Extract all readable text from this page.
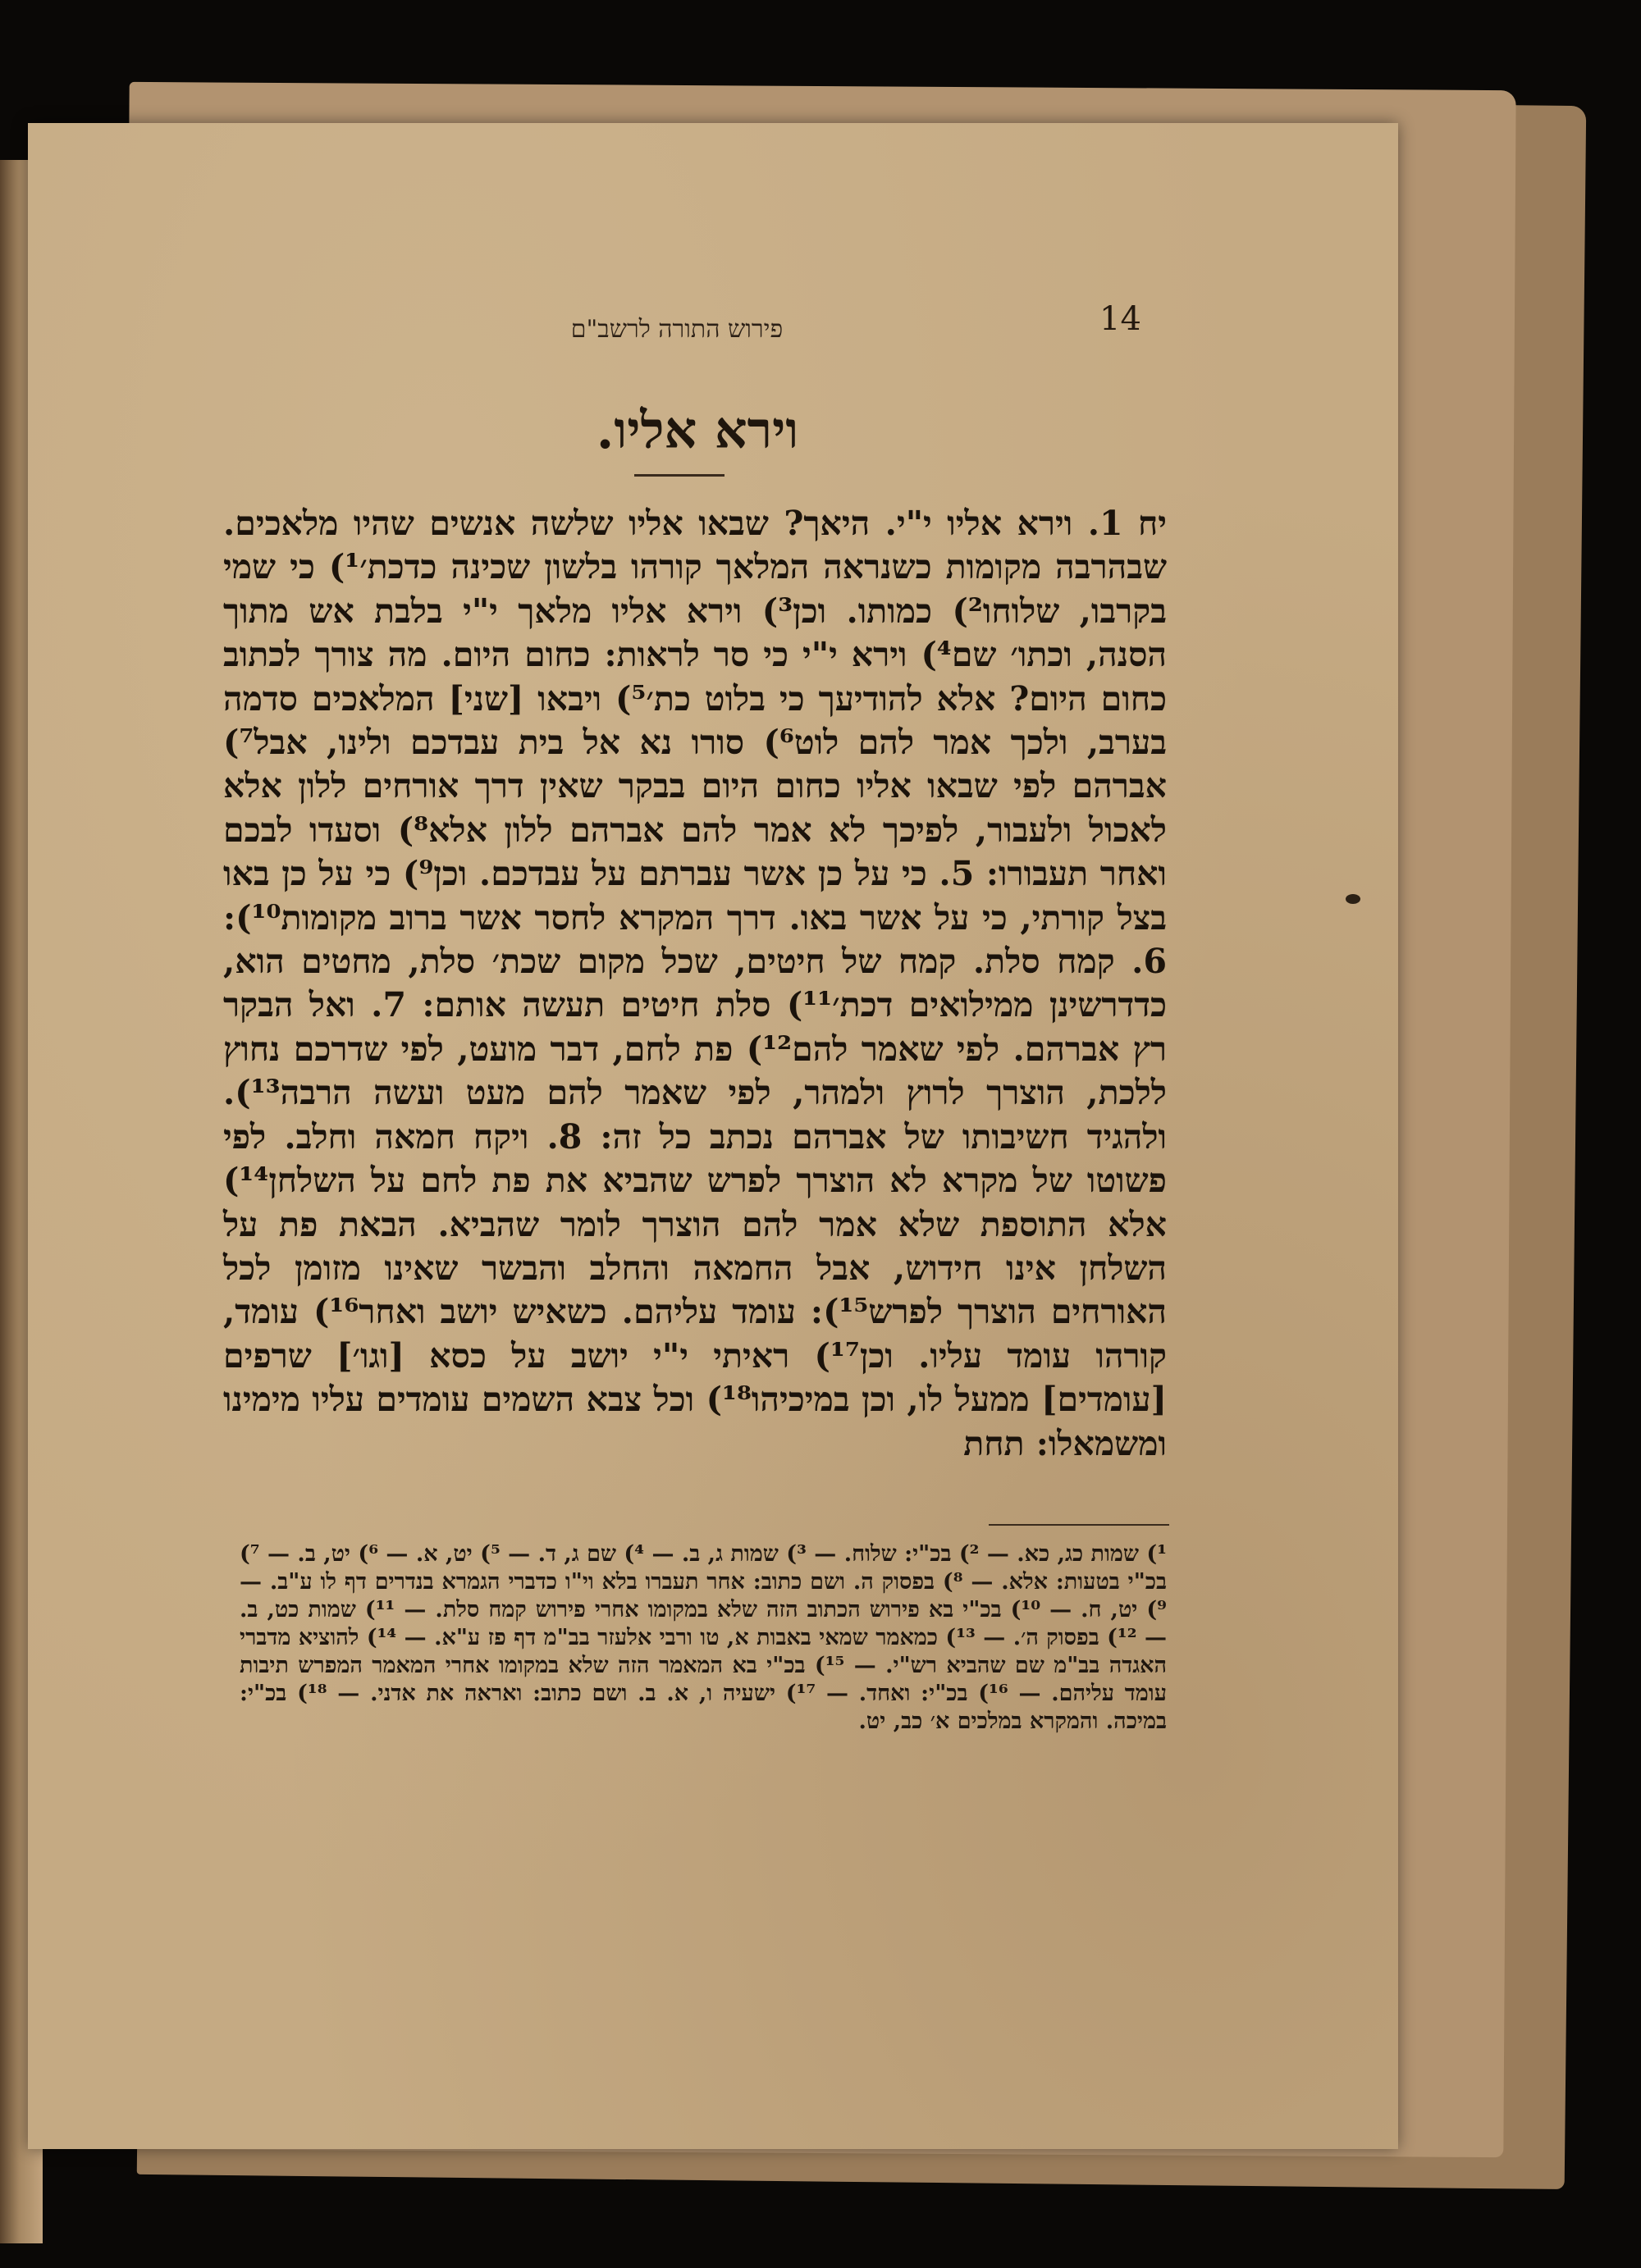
14
פירוש התורה לרשב"ם
וירא אליו.

יח 1. וירא אליו י"י. היאך? שבאו אליו שלשה אנשים שהיו מלאכים. שבהרבה מקומות כשנראה המלאך קורהו בלשון שכינה כדכת׳¹) כי שמי בקרבו, שלוחו²) כמותו. וכן³) וירא אליו מלאך י"י בלבת אש מתוך הסנה, וכתו׳ שם⁴) וירא י"י כי סר לראות: כחום היום. מה צורך לכתוב כחום היום? אלא להודיעך כי בלוט כת׳⁵) ויבאו [שני] המלאכים סדמה בערב, ולכך אמר להם לוט⁶) סורו נא אל בית עבדכם ולינו, אבל⁷) אברהם לפי שבאו אליו כחום היום בבקר שאין דרך אורחים ללון אלא לאכול ולעבור, לפיכך לא אמר להם אברהם ללון אלא⁸) וסעדו לבכם ואחר תעבורו: 5. כי על כן אשר עברתם על עבדכם. וכן⁹) כי על כן באו בצל קורתי, כי על אשר באו. דרך המקרא לחסר אשר ברוב מקומות¹⁰): 6. קמח סלת. קמח של חיטים, שכל מקום שכת׳ סלת, מחטים הוא, כדדרשינן ממילואים דכת׳¹¹) סלת חיטים תעשה אותם: 7. ואל הבקר רץ אברהם. לפי שאמר להם¹²) פת לחם, דבר מועט, לפי שדרכם נחוץ ללכת, הוצרך לרוץ ולמהר, לפי שאמר להם מעט ועשה הרבה¹³). ולהגיד חשיבותו של אברהם נכתב כל זה: 8. ויקח חמאה וחלב. לפי פשוטו של מקרא לא הוצרך לפרש שהביא את פת לחם על השלחן¹⁴) אלא התוספת שלא אמר להם הוצרך לומר שהביא. הבאת פת על השלחן אינו חידוש, אבל החמאה והחלב והבשר שאינו מזומן לכל האורחים הוצרך לפרש¹⁵): עומד עליהם. כשאיש יושב ואחר¹⁶) עומד, קורהו עומד עליו. וכן¹⁷) ראיתי י"י יושב על כסא [וגו׳] שרפים [עומדים] ממעל לו, וכן במיכיהו¹⁸) וכל צבא השמים עומדים עליו מימינו ומשמאלו: תחת

¹) שמות כג, כא. — ²) בכ"י: שלוח. — ³) שמות ג, ב. — ⁴) שם ג, ד. — ⁵) יט, א. — ⁶) יט, ב. — ⁷) בכ"י בטעות: אלא. — ⁸) בפסוק ה. ושם כתוב: אחר תעברו בלא וי"ו כדברי הגמרא בנדרים דף לו ע"ב. — ⁹) יט, ח. — ¹⁰) בכ"י בא פירוש הכתוב הזה שלא במקומו אחרי פירוש קמח סלת. — ¹¹) שמות כט, ב. — ¹²) בפסוק ה׳. — ¹³) כמאמר שמאי באבות א, טו ורבי אלעזר בב"מ דף פז ע"א. — ¹⁴) להוציא מדברי האגדה בב"מ שם שהביא רש"י. — ¹⁵) בכ"י בא המאמר הזה שלא במקומו אחרי המאמר המפרש תיבות עומד עליהם. — ¹⁶) בכ"י: ואחד. — ¹⁷) ישעיה ו, א. ב. ושם כתוב: ואראה את אדני. — ¹⁸) בכ"י: במיכה. והמקרא במלכים א׳ כב, יט.
